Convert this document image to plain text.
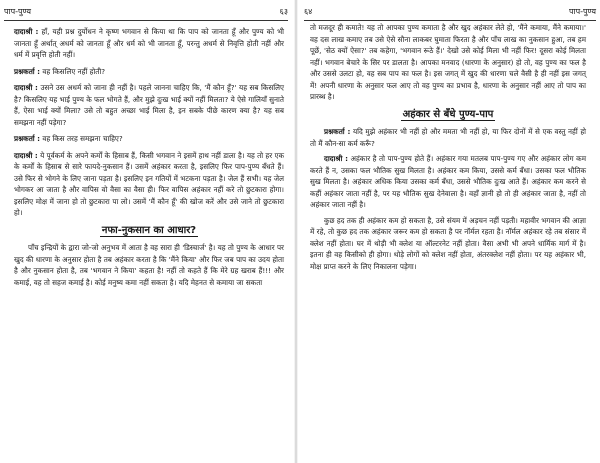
पाप-पुण्य	६३

दादाश्री : हाँ, यही प्रश्न दुर्योधन ने कृष्ण भगवान से किया था कि पाप को जानता हूँ और पुण्य को भी जानता हूँ अर्थात् अधर्म को जानता हूँ और धर्म को भी जानता हूँ, परन्तु अधर्म से निवृत्ति होती नहीं और धर्म में प्रवृत्ति होती नहीं।

प्रश्नकर्ता : वह किसलिए नहीं होती?

दादाश्री : उसने उस अधर्म को जाना ही नहीं है। पहले जानना चाहिए कि, 'मैं कौन हूँ?' यह सब किसलिए है? किसलिए यह भाई पुण्य के फल भोगते हैं, और मुझे दुःख भाई क्यों नहीं मिलता? ये ऐसे गालियाँ सुनाते हैं, ऐसा भाई क्यों मिला? उसे तो बहुत अच्छा भाई मिला है, इन सबके पीछे कारण क्या है? यह सब समझना नहीं पड़ेगा?

प्रश्नकर्ता : वह किस तरह समझना चाहिए?

दादाश्री : ये पूर्वकर्म के अपने कर्मों के हिसाब हैं, किसी भगवान ने इसमें हाथ नहीं डाला है। यह तो हर एक के कर्मों के हिसाब से सारे फायदे-नुकसान हैं। उसमें अहंकार करता है, इसलिए फिर पाप-पुण्य बँधते हैं। उसे फिर से भोगने के लिए जाना पड़ता है। इसलिए इन गतियों में भटकना पड़ता है। जेल हैं सभी। यह जेल भोगकर आ जाता है और वापिस वो वैसा का वैसा ही। फिर वापिस अहंकार नहीं करे तो छुटकारा होगा। इसलिए मोक्ष में जाना हो तो छुटकारा पा लो। उसमें 'मैं कौन हूँ' की खोज करें और उसे जाने तो छुटकारा हो।

नफा-नुकसान का आधार?

पाँच इन्द्रियों के द्वारा जो-जो अनुभव में आता है वह सारा ही 'डिस्चार्ज' है। यह तो पुण्य के आधार पर खुद की धारणा के अनुसार होता है तब अहंकार करता है कि 'मैंने किया' और फिर जब पाप का उदय होता है और नुकसान होता है, तब 'भगवान ने किया' कहता है! नहीं तो कहते हैं कि मेरे ग्रह खराब हैं!!! और कमाई, वह तो सहज कमाई है। कोई मनुष्य कमा नहीं सकता है। यदि मेहनत से कमाया जा सकता

६४	पाप-पुण्य

तो मजदूर ही कमाते! यह तो आपका पुण्य कमाता है और खुद अहंकार लेते हो, 'मैंने कमाया, मैंने कमाया।' वह दस लाख कमाए तब उसे ऐसे सौना लाकबर घुमाता फिरता है और पाँच लाख का नुकसान हुआ, तब हम पूछें, 'सेठ क्यों ऐसा?' तब कहेगा, 'भगवान रूठे हैं।' देखो उसे कोई मिला भी नहीं फिर! दूसरा कोई मिलता नहीं। भगवान बेचारे के सिर पर डालता है। आपका मनवाद (धारणा के अनुसार) हो तो, वह पुण्य का फल है और उससे उलटा हो, वह सब पाप का फल है। इस जगत् में खुद की धारणा चले वैसी है ही नहीं इस जगत् में! अपनी धारणा के अनुसार फल आए तो वह पुण्य का प्रभाव है, धारणा के अनुसार नहीं आए तो पाप का प्रारब्ध है।

अहंकार से बँधे पुण्य-पाप

प्रश्नकर्ता : यदि मुझे अहंकार भी नहीं हो और ममता भी नहीं हो, या फिर दोनों में से एक वस्तु नहीं हो तो मैं कौन-सा कर्म करूँ?

दादाश्री : अहंकार है तो पाप-पुण्य होते हैं। अहंकार गया मतलब पाप-पुण्य गए और अहंकार लोग कम करते हैं न, उसका फल भौतिक सुख मिलता है। अहंकार कम किया, उससे कर्म बँधा। उसका फल भौतिक सुख मिलता है। अहंकार अधिक किया उसका कर्म बँधा, उससे भौतिक दुःख आते हैं। अहंकार कम करने से कहीं अहंकार जाता नहीं है, पर यह भौतिक सुख देनेवाला है। वहाँ ज्ञानी हो तो ही अहंकार जाता है, नहीं तो अहंकार जाता नहीं है।

कुछ हद तक ही अहंकार कम हो सकता है, उसे संयम में अड़चन नहीं पड़ती। महावीर भगवान की आज्ञा में रहे, तो कुछ हद तक अहंकार जरूर कम हो सकता है पर नॉर्मल रहता है। नॉर्मल अहंकार रहे तब संसार में क्लेश नहीं होता। घर में थोड़ी भी क्लेश या ऑल्टरनेट नहीं होता। वैसा अभी भी अपने धार्मिक मार्ग में है। इतना ही वह किसीको ही होगा। थोड़े लोगों को क्लेश नहीं होता, अंतरक्लेश नहीं होता। पर यह अहंकार भी, मोक्ष प्राप्त करने के लिए निकालना पड़ेगा।
